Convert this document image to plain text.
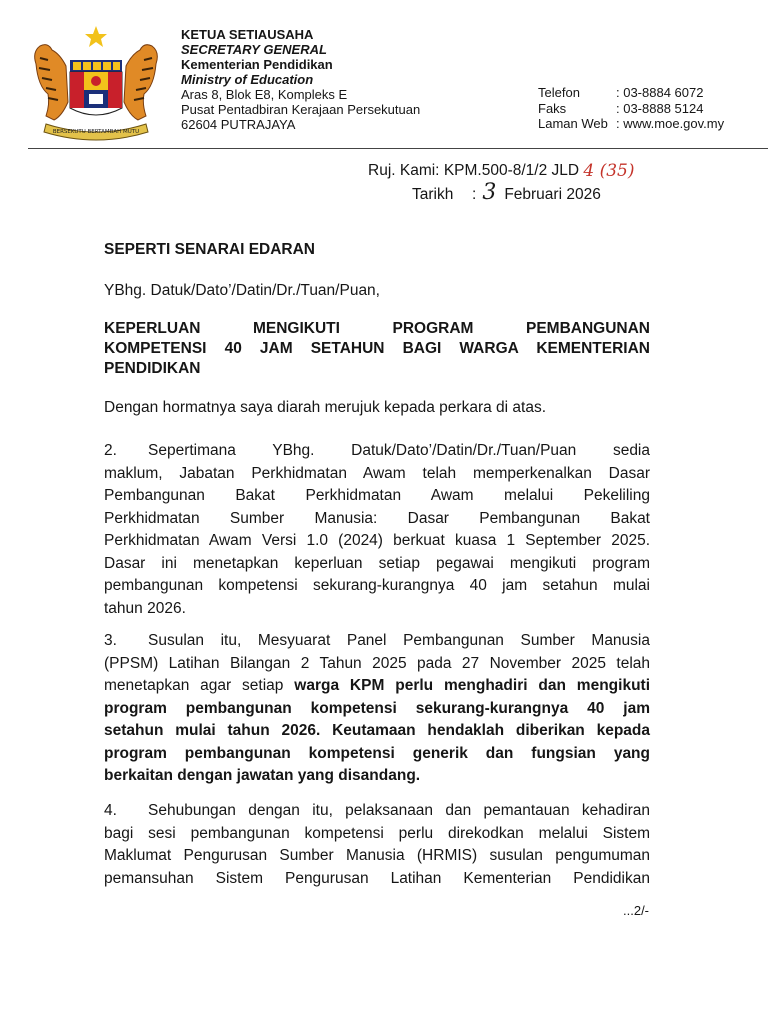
BERSEKUTU BERTAMBAH MUTU
KETUA SETIAUSAHA
SECRETARY GENERAL
Kementerian Pendidikan
Ministry of Education
Aras 8, Blok E8, Kompleks E
Pusat Pentadbiran Kerajaan Persekutuan
62604 PUTRAJAYA
Telefon	: 03-8884 6072
Faks	: 03-8888 5124
Laman Web : www.moe.gov.my
Ruj. Kami:
KPM.500-8/1/2 JLD
4 (35)
Tarikh : 3 Februari 2026
SEPERTI SENARAI EDARAN
YBhg. Datuk/Dato’/Datin/Dr./Tuan/Puan,
KEPERLUAN MENGIKUTI PROGRAM PEMBANGUNAN
KOMPETENSI 40 JAM SETAHUN BAGI WARGA KEMENTERIAN
PENDIDIKAN
Dengan hormatnya saya diarah merujuk kepada perkara di atas.
2. Sepertimana YBhg. Datuk/Dato’/Datin/Dr./Tuan/Puan sedia
maklum, Jabatan Perkhidmatan Awam telah memperkenalkan Dasar
Pembangunan Bakat Perkhidmatan Awam melalui Pekeliling
Perkhidmatan Sumber Manusia: Dasar Pembangunan Bakat
Perkhidmatan Awam Versi 1.0 (2024) berkuat kuasa 1 September 2025.
Dasar ini menetapkan keperluan setiap pegawai mengikuti program
pembangunan kompetensi sekurang-kurangnya 40 jam setahun mulai
tahun 2026.
3. Susulan itu, Mesyuarat Panel Pembangunan Sumber Manusia
(PPSM) Latihan Bilangan 2 Tahun 2025 pada 27 November 2025 telah
menetapkan agar setiap warga KPM perlu menghadiri dan mengikuti
program pembangunan kompetensi sekurang-kurangnya 40 jam
setahun mulai tahun 2026. Keutamaan hendaklah diberikan kepada
program pembangunan kompetensi generik dan fungsian yang
berkaitan dengan jawatan yang disandang.
4. Sehubungan dengan itu, pelaksanaan dan pemantauan kehadiran
bagi sesi pembangunan kompetensi perlu direkodkan melalui Sistem
Maklumat Pengurusan Sumber Manusia (HRMIS) susulan pengumuman
pemansuhan Sistem Pengurusan Latihan Kementerian Pendidikan
...2/-
